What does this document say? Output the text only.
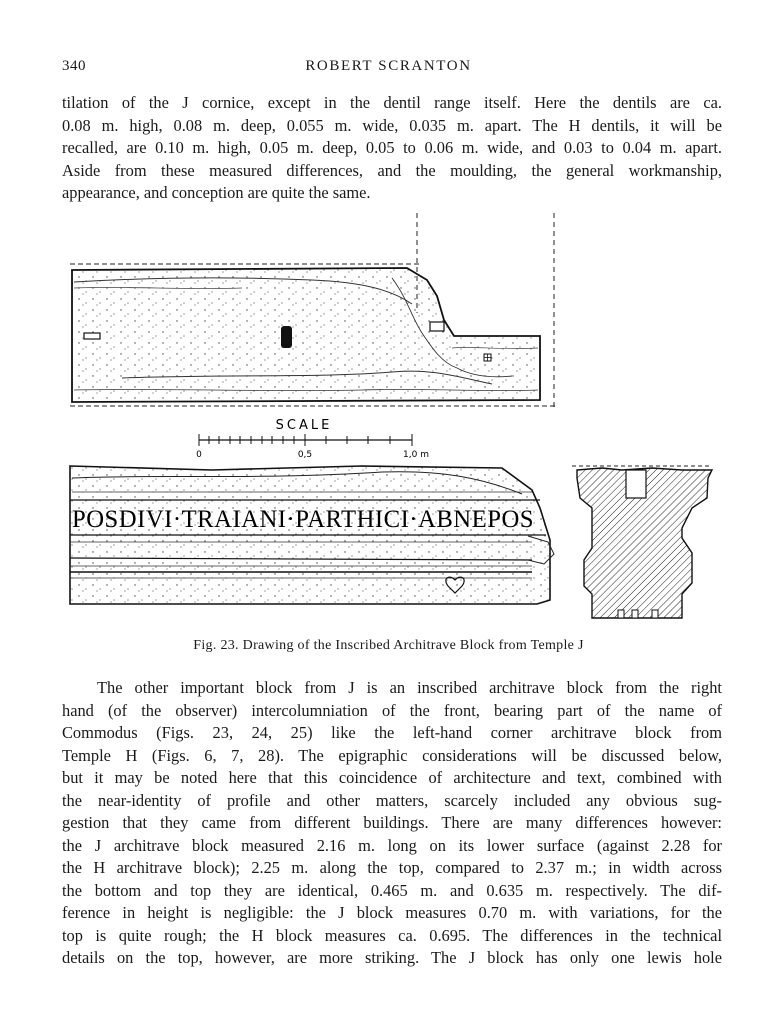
340	ROBERT SCRANTON
tilation of the J cornice, except in the dentil range itself. Here the dentils are ca.
0.08 m. high, 0.08 m. deep, 0.055 m. wide, 0.035 m. apart. The H dentils, it will be
recalled, are 0.10 m. high, 0.05 m. deep, 0.05 to 0.06 m. wide, and 0.03 to 0.04 m. apart.
Aside from these measured differences, and the moulding, the general workmanship,
appearance, and conception are quite the same.
SCALE
0	0,5	1,0 m
POSDIVI·TRAIANI·PARTHICI·ABNEPOS
Fig. 23. Drawing of the Inscribed Architrave Block from Temple J
The other important block from J is an inscribed architrave block from the right
hand (of the observer) intercolumniation of the front, bearing part of the name of
Commodus (Figs. 23, 24, 25) like the left-hand corner architrave block from
Temple H (Figs. 6, 7, 28). The epigraphic considerations will be discussed below,
but it may be noted here that this coincidence of architecture and text, combined with
the near-identity of profile and other matters, scarcely included any obvious sug-
gestion that they came from different buildings. There are many differences however:
the J architrave block measured 2.16 m. long on its lower surface (against 2.28 for
the H architrave block); 2.25 m. along the top, compared to 2.37 m.; in width across
the bottom and top they are identical, 0.465 m. and 0.635 m. respectively. The dif-
ference in height is negligible: the J block measures 0.70 m. with variations, for the
top is quite rough; the H block measures ca. 0.695. The differences in the technical
details on the top, however, are more striking. The J block has only one lewis hole
